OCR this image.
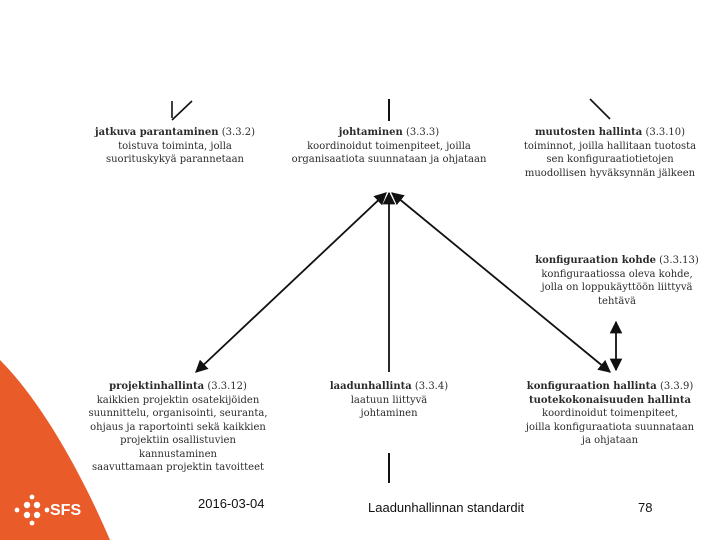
SFS
jatkuva parantaminen (3.3.2)
toistuva toiminta, jolla
suorituskykyä parannetaan
johtaminen (3.3.3)
koordinoidut toimenpiteet, joilla
organisaatiota suunnataan ja ohjataan
muutosten hallinta (3.3.10)
toiminnot, joilla hallitaan tuotosta
sen konfiguraatiotietojen
muodollisen hyväksynnän jälkeen
konfiguraation kohde (3.3.13)
konfiguraatiossa oleva kohde,
jolla on loppukäyttöön liittyvä
tehtävä
projektinhallinta (3.3.12)
kaikkien projektin osatekijöiden
suunnittelu, organisointi, seuranta,
ohjaus ja raportointi sekä kaikkien
projektiin osallistuvien kannustaminen
saavuttamaan projektin tavoitteet
laadunhallinta (3.3.4)
laatuun liittyvä
johtaminen
konfiguraation hallinta (3.3.9)
tuotekokonaisuuden hallinta
koordinoidut toimenpiteet,
joilla konfiguraatiota suunnataan
ja ohjataan
2016-03-04	Laadunhallinnan standardit	78
